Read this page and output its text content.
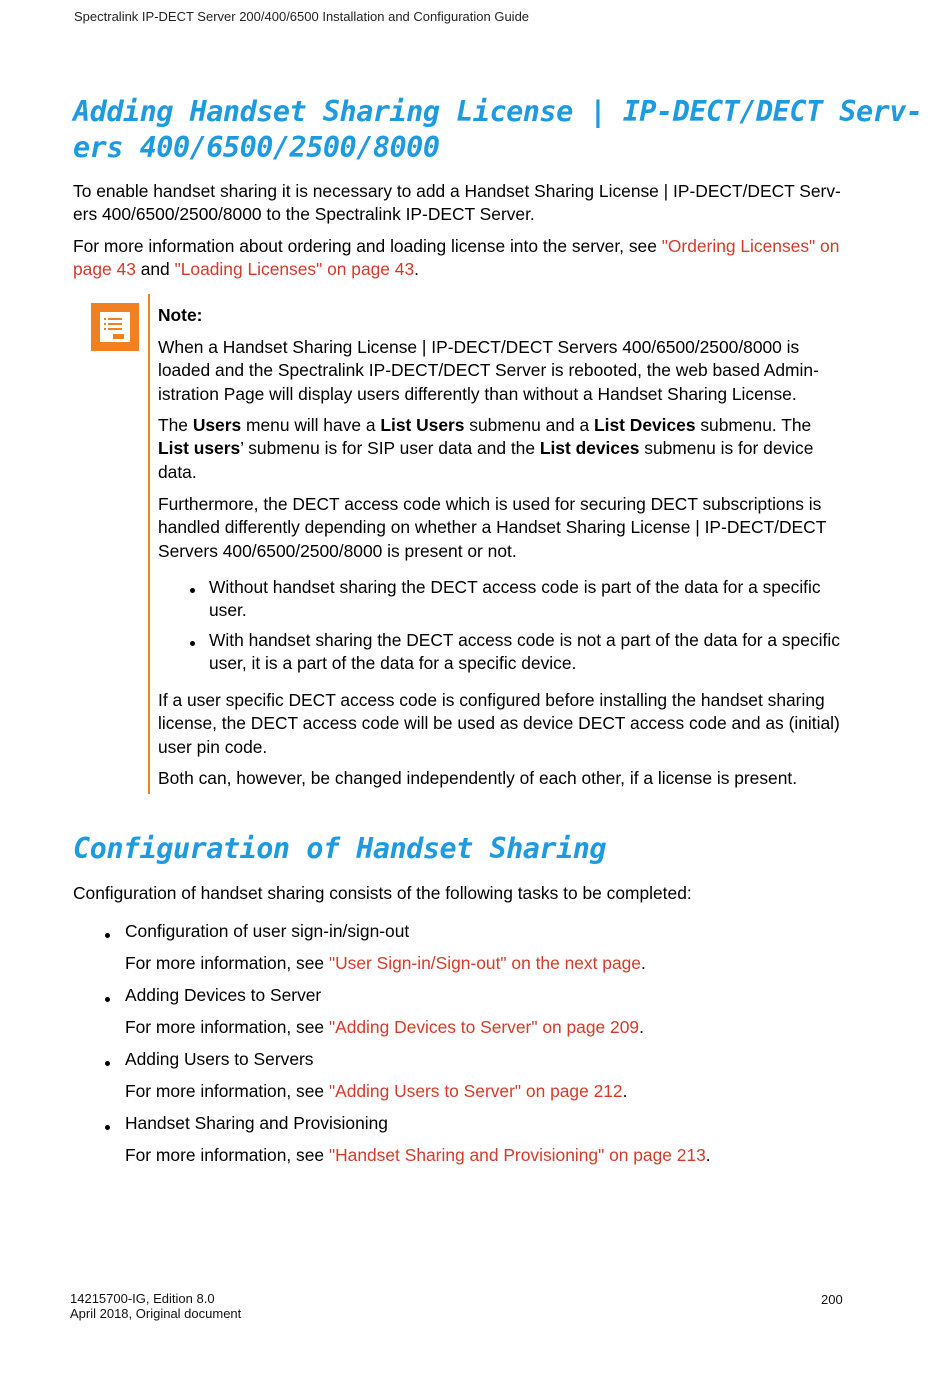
Spectralink IP-DECT Server 200/400/6500 Installation and Configuration Guide
Adding Handset Sharing License | IP-DECT/DECT Serv-
ers 400/6500/2500/8000

To enable handset sharing it is necessary to add a Handset Sharing License | IP-DECT/DECT Serv-
ers 400/6500/2500/8000 to the Spectralink IP-DECT Server.

For more information about ordering and loading license into the server, see "Ordering Licenses" on
page 43 and "Loading Licenses" on page 43.

Note:

When a Handset Sharing License | IP-DECT/DECT Servers 400/6500/2500/8000 is
loaded and the Spectralink IP-DECT/DECT Server is rebooted, the web based Admin-
istration Page will display users differently than without a Handset Sharing License.

The Users menu will have a List Users submenu and a List Devices submenu. The
List users’ submenu is for SIP user data and the List devices submenu is for device
data.

Furthermore, the DECT access code which is used for securing DECT subscriptions is
handled differently depending on whether a Handset Sharing License | IP-DECT/DECT
Servers 400/6500/2500/8000 is present or not.

Without handset sharing the DECT access code is part of the data for a specific
user.

With handset sharing the DECT access code is not a part of the data for a specific
user, it is a part of the data for a specific device.

If a user specific DECT access code is configured before installing the handset sharing
license, the DECT access code will be used as device DECT access code and as (initial)
user pin code.

Both can, however, be changed independently of each other, if a license is present.

Configuration of Handset Sharing

Configuration of handset sharing consists of the following tasks to be completed:

Configuration of user sign-in/sign-out

For more information, see "User Sign-in/Sign-out" on the next page.

Adding Devices to Server

For more information, see "Adding Devices to Server" on page 209.

Adding Users to Servers

For more information, see "Adding Users to Server" on page 212.

Handset Sharing and Provisioning

For more information, see "Handset Sharing and Provisioning" on page 213.

14215700-IG, Edition 8.0
April 2018, Original document
200
